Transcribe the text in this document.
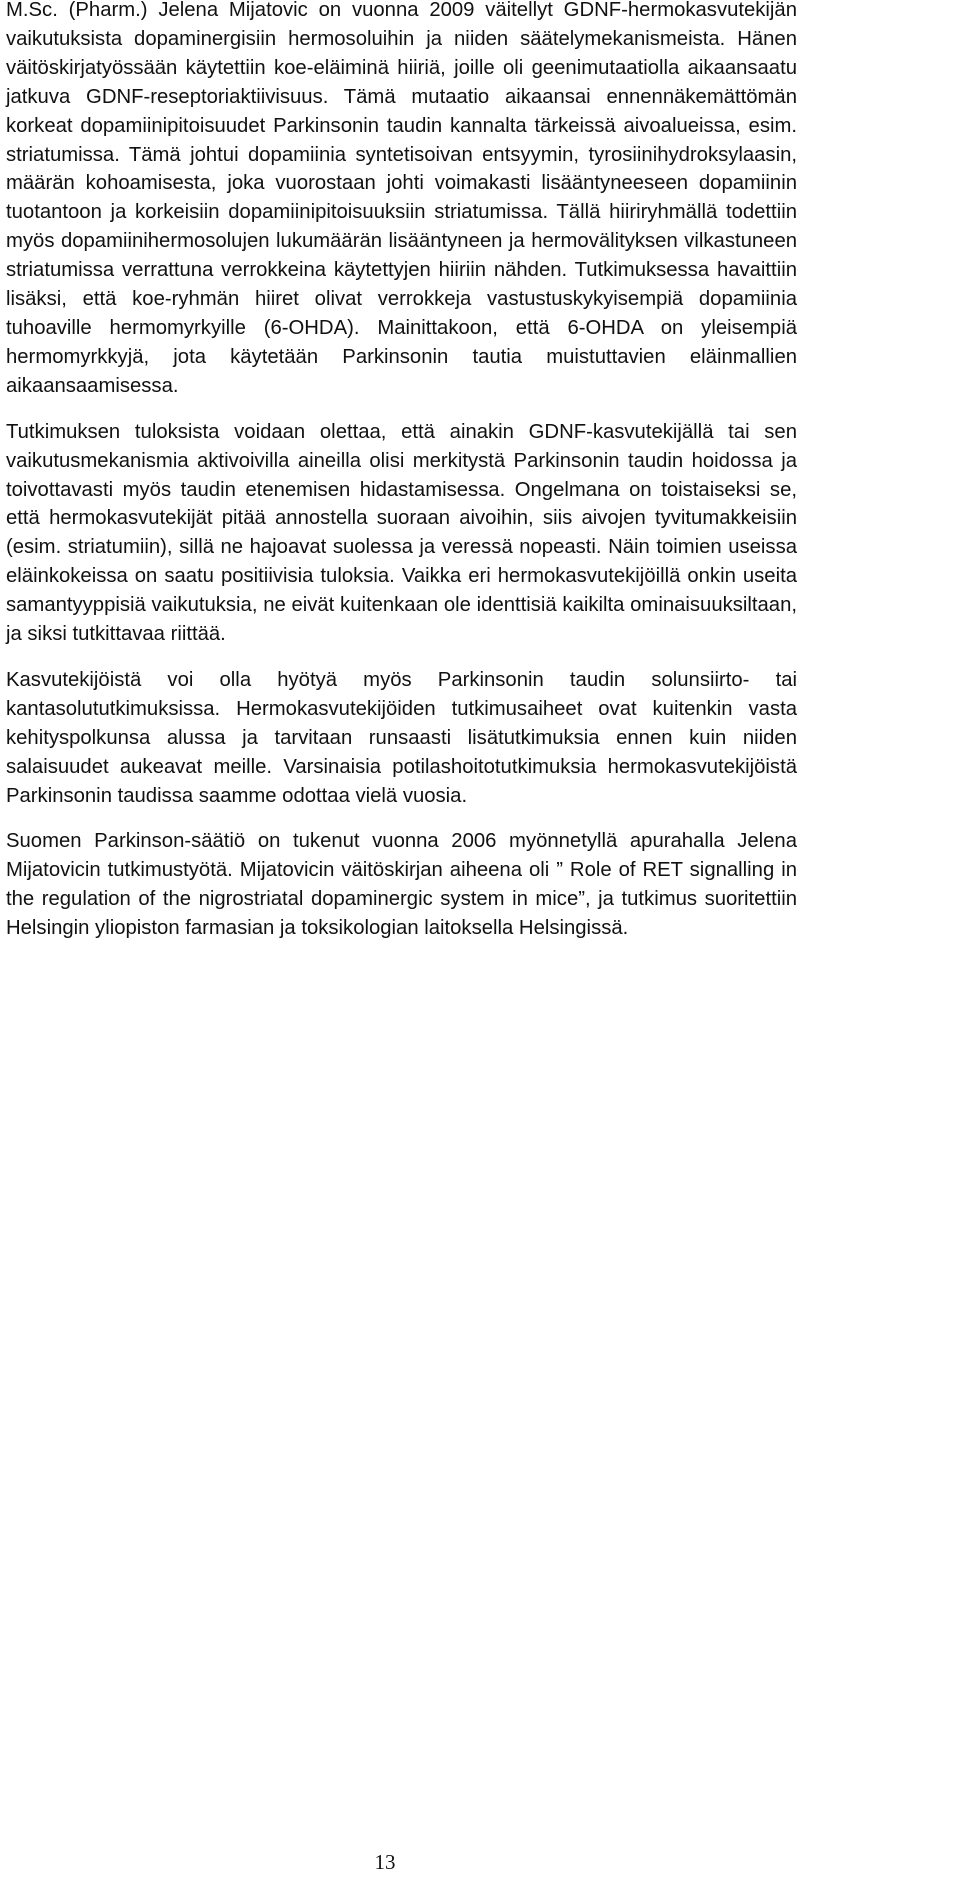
M.Sc. (Pharm.) Jelena Mijatovic on vuonna 2009 väitellyt GDNF-hermokasvutekijän vaikutuksista dopaminergisiin hermosoluihin ja niiden säätelymekanismeista. Hänen väitöskirjatyössään käytettiin koe-eläiminä hiiriä, joille oli geenimutaatiolla aikaansaatu jatkuva GDNF-reseptoriaktiivisuus. Tämä mutaatio aikaansai ennennäkemättömän korkeat dopamiinipitoisuudet Parkinsonin taudin kannalta tärkeissä aivoalueissa, esim. striatumissa. Tämä johtui dopamiinia syntetisoivan entsyymin, tyrosiinihydroksylaasin, määrän kohoamisesta, joka vuorostaan johti voimakasti lisääntyneeseen dopamiinin tuotantoon ja korkeisiin dopamiinipitoisuuksiin striatumissa. Tällä hiiriryhmällä todettiin myös dopamiinihermosolujen lukumäärän lisääntyneen ja hermovälityksen vilkastuneen striatumissa verrattuna verrokkeina käytettyjen hiiriin nähden. Tutkimuksessa havaittiin lisäksi, että koe-ryhmän hiiret olivat verrokkeja vastustuskykyisempiä dopamiinia tuhoaville hermomyrkyille (6-OHDA). Mainittakoon, että 6-OHDA on yleisempiä hermomyrkkyjä, jota käytetään Parkinsonin tautia muistuttavien eläinmallien aikaansaamisessa.

Tutkimuksen tuloksista voidaan olettaa, että ainakin GDNF-kasvutekijällä tai sen vaikutusmekanismia aktivoivilla aineilla olisi merkitystä Parkinsonin taudin hoidossa ja toivottavasti myös taudin etenemisen hidastamisessa. Ongelmana on toistaiseksi se, että hermokasvutekijät pitää annostella suoraan aivoihin, siis aivojen tyvitumakkeisiin (esim. striatumiin), sillä ne hajoavat suolessa ja veressä nopeasti. Näin toimien useissa eläinkokeissa on saatu positiivisia tuloksia. Vaikka eri hermokasvutekijöillä onkin useita samantyyppisiä vaikutuksia, ne eivät kuitenkaan ole identtisiä kaikilta ominaisuuksiltaan, ja siksi tutkittavaa riittää.

Kasvutekijöistä voi olla hyötyä myös Parkinsonin taudin solunsiirto- tai kantasolututkimuksissa. Hermokasvutekijöiden tutkimusaiheet ovat kuitenkin vasta kehityspolkunsa alussa ja tarvitaan runsaasti lisätutkimuksia ennen kuin niiden salaisuudet aukeavat meille. Varsinaisia potilashoitotutkimuksia hermokasvutekijöistä Parkinsonin taudissa saamme odottaa vielä vuosia.

Suomen Parkinson-säätiö on tukenut vuonna 2006 myönnetyllä apurahalla Jelena Mijatovicin tutkimustyötä. Mijatovicin väitöskirjan aiheena oli ” Role of RET signalling in the regulation of the nigrostriatal dopaminergic system in mice”, ja tutkimus suoritettiin Helsingin yliopiston farmasian ja toksikologian laitoksella Helsingissä.

13
